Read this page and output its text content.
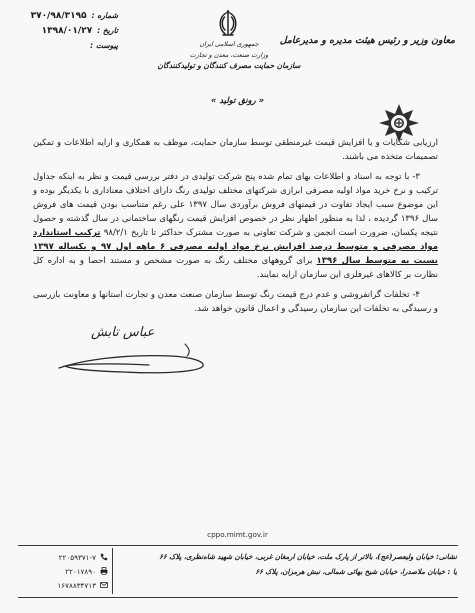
شماره :
۳۷۰/۹۸/۳۱۹۵
تاریخ :
۱۳۹۸/۰۱/۲۷
پیوست :	جمهوری اسلامی ایران
وزارت صنعت، معدن و تجارت
سازمان حمایت مصرف کنندگان و تولیدکنندگان
معاون وزیر و رئیس هیئت مدیره و مدیرعامل
« رونق تولید »

ارزیابی شکایات و یا افزایش قیمت غیرمنطقی توسط سازمان حمایت، موظف به همکاری و ارایه اطلاعات و تمکین تصمیمات متخذه می باشند.

۳- با توجه به اسناد و اطلاعات بهای تمام شده پنج شرکت تولیدی در دفتر بررسی قیمت و نظر به اینکه جداول ترکیب و نرخ خرید مواد اولیه مصرفی ابرازی شرکتهای مختلف تولیدی رنگ دارای اختلاف معناداری با یکدیگر بوده و این موضوع سبب ایجاد تفاوت در قیمتهای فروش برآوردی سال ۱۳۹۷ علی رغم متناسب بودن قیمت های فروش سال ۱۳۹۶ گردیده ، لذا به منظور اظهار نظر در خصوص افزایش قیمت رنگهای ساختمانی در سال گذشته و حصول نتیجه یکسان، ضرورت است انجمن و شرکت تعاونی به صورت مشترک حداکثر تا تاریخ ۹۸/۲/۱ ترکیب استاندارد مواد مصرفی و متوسط درصد افزایش نرخ مواد اولیه مصرفی ۶ ماهه اول ۹۷ و یکساله ۱۳۹۷ نسبت به متوسط سال ۱۳۹۶ برای گروههای مختلف رنگ به صورت مشخص و مستند احصا و به اداره کل نظارت بر کالاهای غیرفلزی این سازمان ارایه نمایند.

۴- تخلفات گرانفروشی و عدم درج قیمت رنگ توسط سازمان صنعت معدن و تجارت استانها و معاونت بازرسی و رسیدگی به تخلفات این سازمان رسیدگی و اعمال قانون خواهد شد.

عباس تابش
cppo.mimt.gov.ir
نشانی: خیابان ولیعصر(عج)، بالاتر از پارک ملت، خیابان ارمغان غربی، خیابان شهید شاه‌نظری، پلاک ۶۶
یا : خیابان ملاصدرا، خیابان شیخ بهائی شمالی، نبش هرمزان، پلاک ۶۶
۲۲۰۵۹۳۷۱-۷
۲۲۰۱۷۸۹۰
۱۶۷۸۸۳۴۷۱۳
